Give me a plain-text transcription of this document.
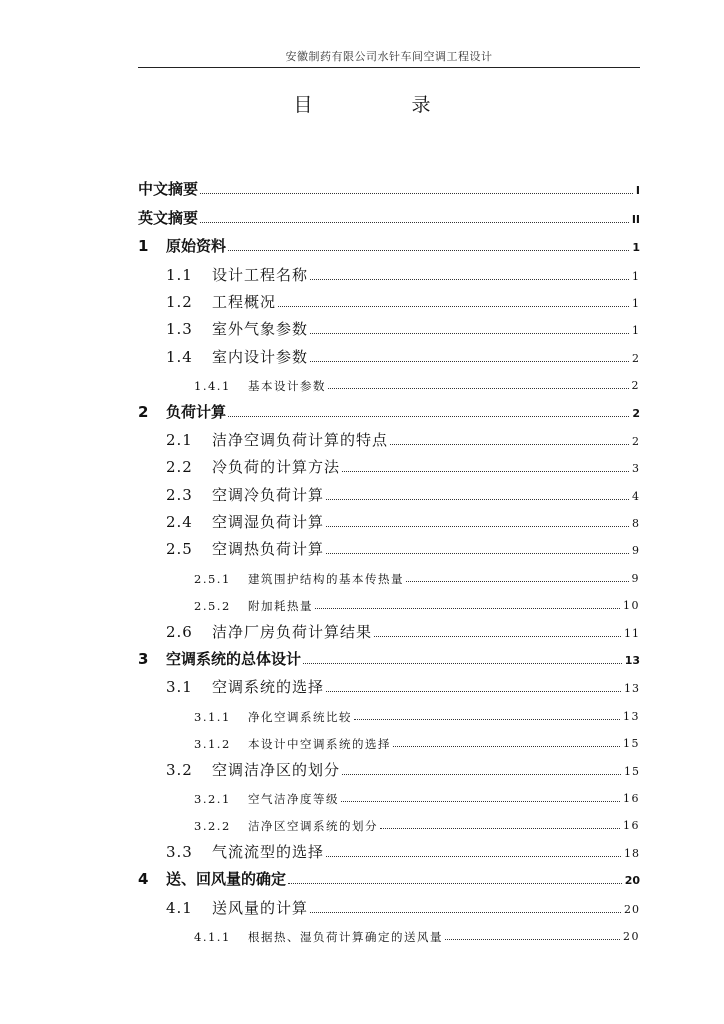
安徽制药有限公司水针车间空调工程设计
目　录
中文摘要	I
英文摘要	II
1 原始资料	1
1.1 设计工程名称	1
1.2 工程概况	1
1.3 室外气象参数	1
1.4 室内设计参数	2
1.4.1 基本设计参数	2
2 负荷计算	2
2.1 洁净空调负荷计算的特点	2
2.2 冷负荷的计算方法	3
2.3 空调冷负荷计算	4
2.4 空调湿负荷计算	8
2.5 空调热负荷计算	9
2.5.1 建筑围护结构的基本传热量	9
2.5.2 附加耗热量	10
2.6 洁净厂房负荷计算结果	11
3 空调系统的总体设计	13
3.1 空调系统的选择	13
3.1.1 净化空调系统比较	13
3.1.2 本设计中空调系统的选择	15
3.2 空调洁净区的划分	15
3.2.1 空气洁净度等级	16
3.2.2 洁净区空调系统的划分	16
3.3 气流流型的选择	18
4 送、回风量的确定	20
4.1 送风量的计算	20
4.1.1 根据热、湿负荷计算确定的送风量	20
